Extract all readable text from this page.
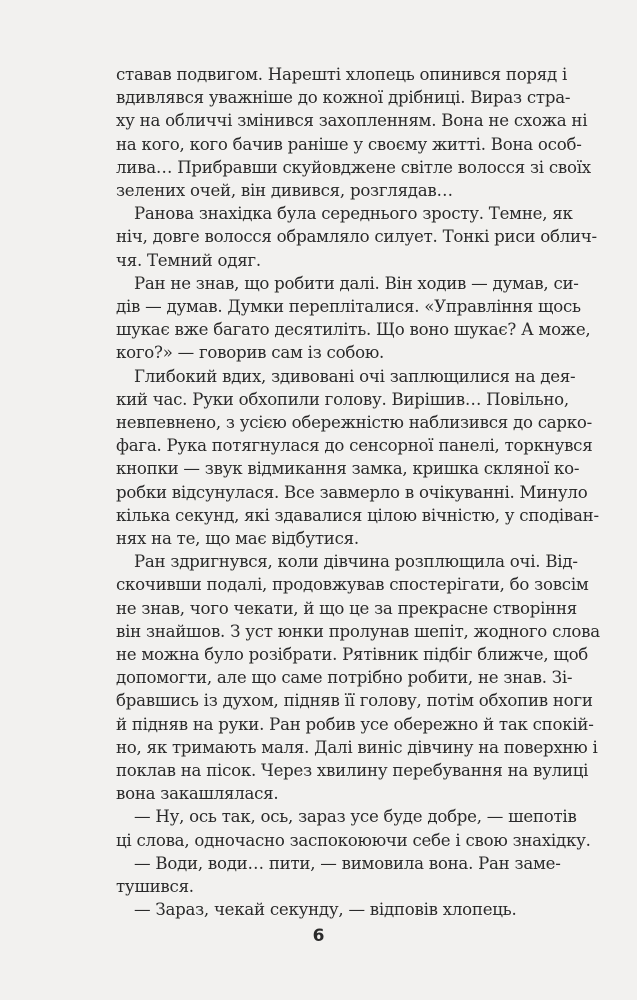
ставав подвигом. Нарешті хлопець опинився поряд і
вдивлявся уважніше до кожної дрібниці. Вираз стра-
ху на обличчі змінився захопленням. Вона не схожа ні
на кого, кого бачив раніше у своєму житті. Вона особ-
лива… Прибравши скуйовджене світле волосся зі своїх
зелених очей, він дивився, розглядав…
Ранова знахідка була середнього зросту. Темне, як
ніч, довге волосся обрамляло силует. Тонкі риси облич-
чя. Темний одяг.
Ран не знав, що робити далі. Він ходив — думав, си-
дів — думав. Думки перепліталися. «Управління щось
шукає вже багато десятиліть. Що воно шукає? А може,
кого?» — говорив сам із собою.
Глибокий вдих, здивовані очі заплющилися на дея-
кий час. Руки обхопили голову. Вирішив… Повільно,
невпевнено, з усією обережністю наблизився до сарко-
фага. Рука потягнулася до сенсорної панелі, торкнувся
кнопки — звук відмикання замка, кришка скляної ко-
робки відсунулася. Все завмерло в очікуванні. Минуло
кілька секунд, які здавалися цілою вічністю, у сподіван-
нях на те, що має відбутися.
Ран здригнувся, коли дівчина розплющила очі. Від-
скочивши подалі, продовжував спостерігати, бо зовсім
не знав, чого чекати, й що це за прекрасне створіння
він знайшов. З уст юнки пролунав шепіт, жодного слова
не можна було розібрати. Рятівник підбіг ближче, щоб
допомогти, але що саме потрібно робити, не знав. Зі-
бравшись із духом, підняв її голову, потім обхопив ноги
й підняв на руки. Ран робив усе обережно й так спокій-
но, як тримають маля. Далі виніс дівчину на поверхню і
поклав на пісок. Через хвилину перебування на вулиці
вона закашлялася.
— Ну, ось так, ось, зараз усе буде добре, — шепотів
ці слова, одночасно заспокоюючи себе і свою знахідку.
— Води, води… пити, — вимовила вона. Ран заме-
тушився.
— Зараз, чекай секунду, — відповів хлопець.
6
